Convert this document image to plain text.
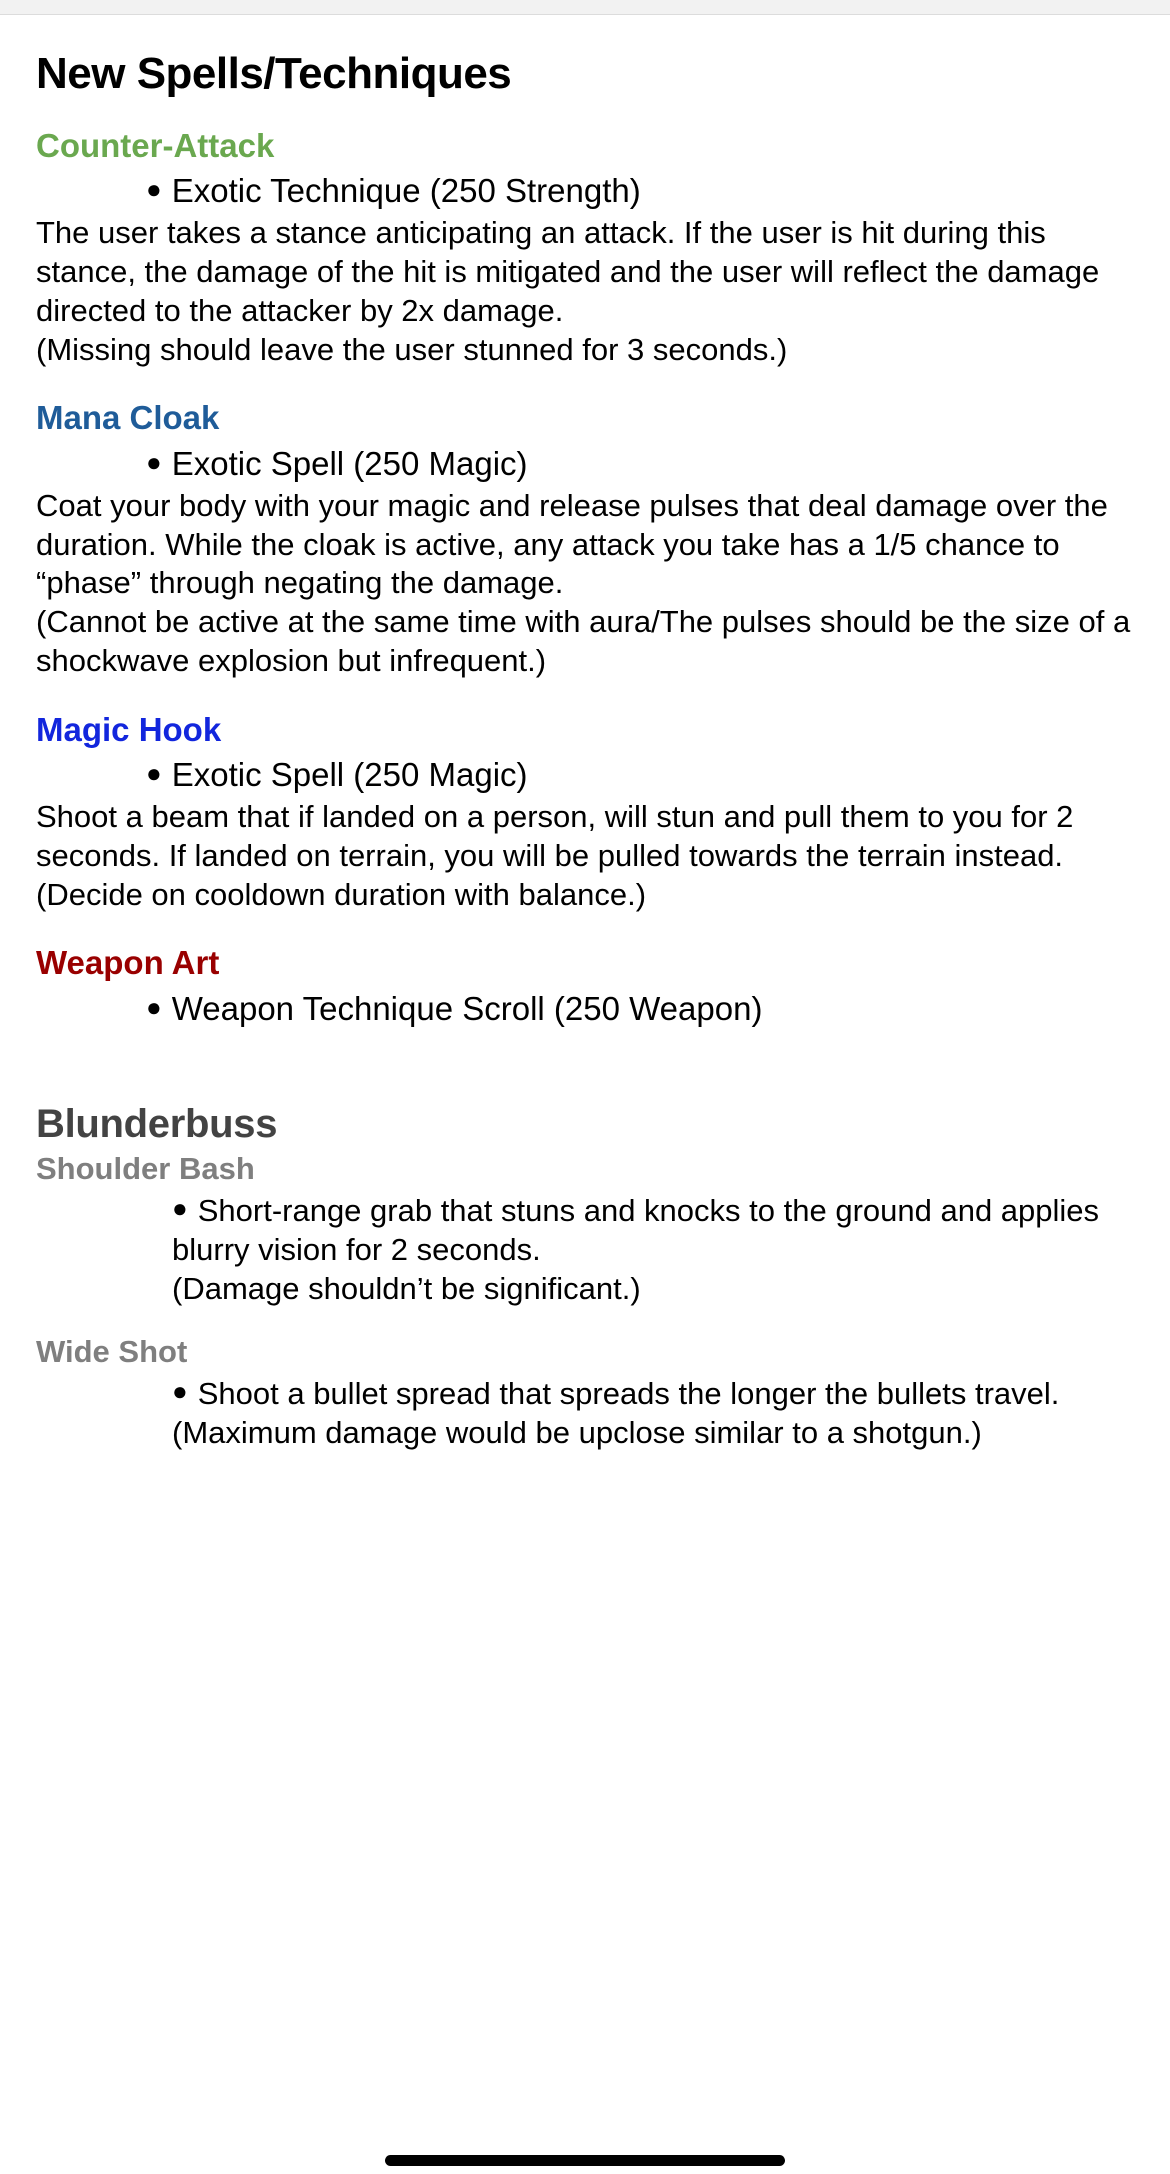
New Spells/Techniques
Counter-Attack
● Exotic Technique (250 Strength)

The user takes a stance anticipating an attack. If the user is hit during this stance, the damage of the hit is mitigated and the user will reflect the damage directed to the attacker by 2x damage.

(Missing should leave the user stunned for 3 seconds.)

Mana Cloak
● Exotic Spell (250 Magic)

Coat your body with your magic and release pulses that deal damage over the duration. While the cloak is active, any attack you take has a 1/5 chance to “phase” through negating the damage.

(Cannot be active at the same time with aura/The pulses should be the size of a shockwave explosion but infrequent.)

Magic Hook
● Exotic Spell (250 Magic)

Shoot a beam that if landed on a person, will stun and pull them to you for 2 seconds. If landed on terrain, you will be pulled towards the terrain instead.

(Decide on cooldown duration with balance.)

Weapon Art
● Weapon Technique Scroll (250 Weapon)
Blunderbuss
Shoulder Bash
● Short-range grab that stuns and knocks to the ground and applies blurry vision for 2 seconds.

(Damage shouldn’t be significant.)

Wide Shot
● Shoot a bullet spread that spreads the longer the bullets travel.

(Maximum damage would be upclose similar to a shotgun.)
